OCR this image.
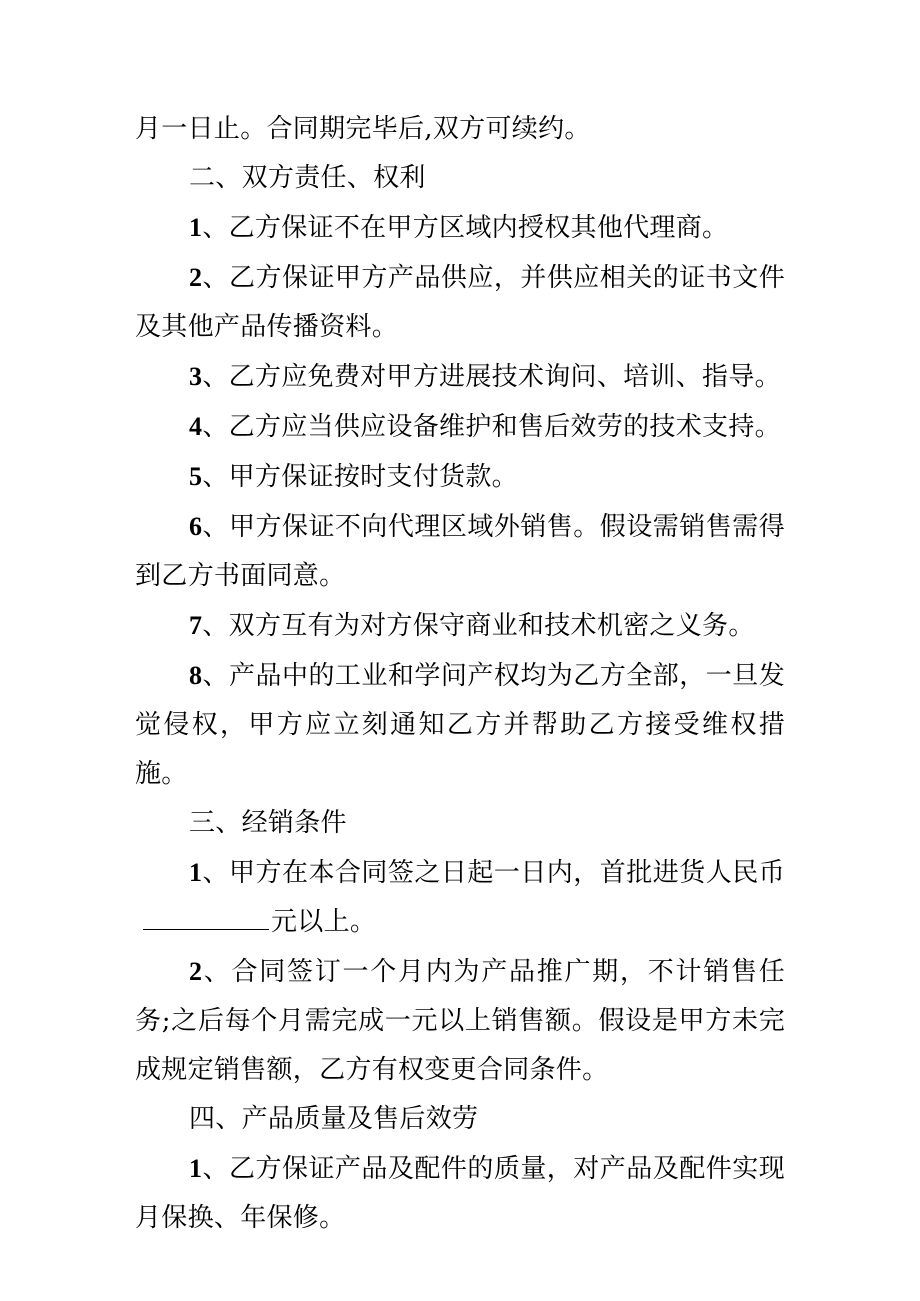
月一日止。合同期完毕后,双方可续约。

二、双方责任、权利

1、乙方保证不在甲方区域内授权其他代理商。

2、乙方保证甲方产品供应，并供应相关的证书文件及其他产品传播资料。

3、乙方应免费对甲方进展技术询问、培训、指导。

4、乙方应当供应设备维护和售后效劳的技术支持。

5、甲方保证按时支付货款。

6、甲方保证不向代理区域外销售。假设需销售需得到乙方书面同意。

7、双方互有为对方保守商业和技术机密之义务。

8、产品中的工业和学问产权均为乙方全部，一旦发觉侵权，甲方应立刻通知乙方并帮助乙方接受维权措施。

三、经销条件

1、甲方在本合同签之日起一日内，首批进货人民币元以上。

2、合同签订一个月内为产品推广期，不计销售任务;之后每个月需完成一元以上销售额。假设是甲方未完成规定销售额，乙方有权变更合同条件。

四、产品质量及售后效劳

1、乙方保证产品及配件的质量，对产品及配件实现月保换、年保修。
